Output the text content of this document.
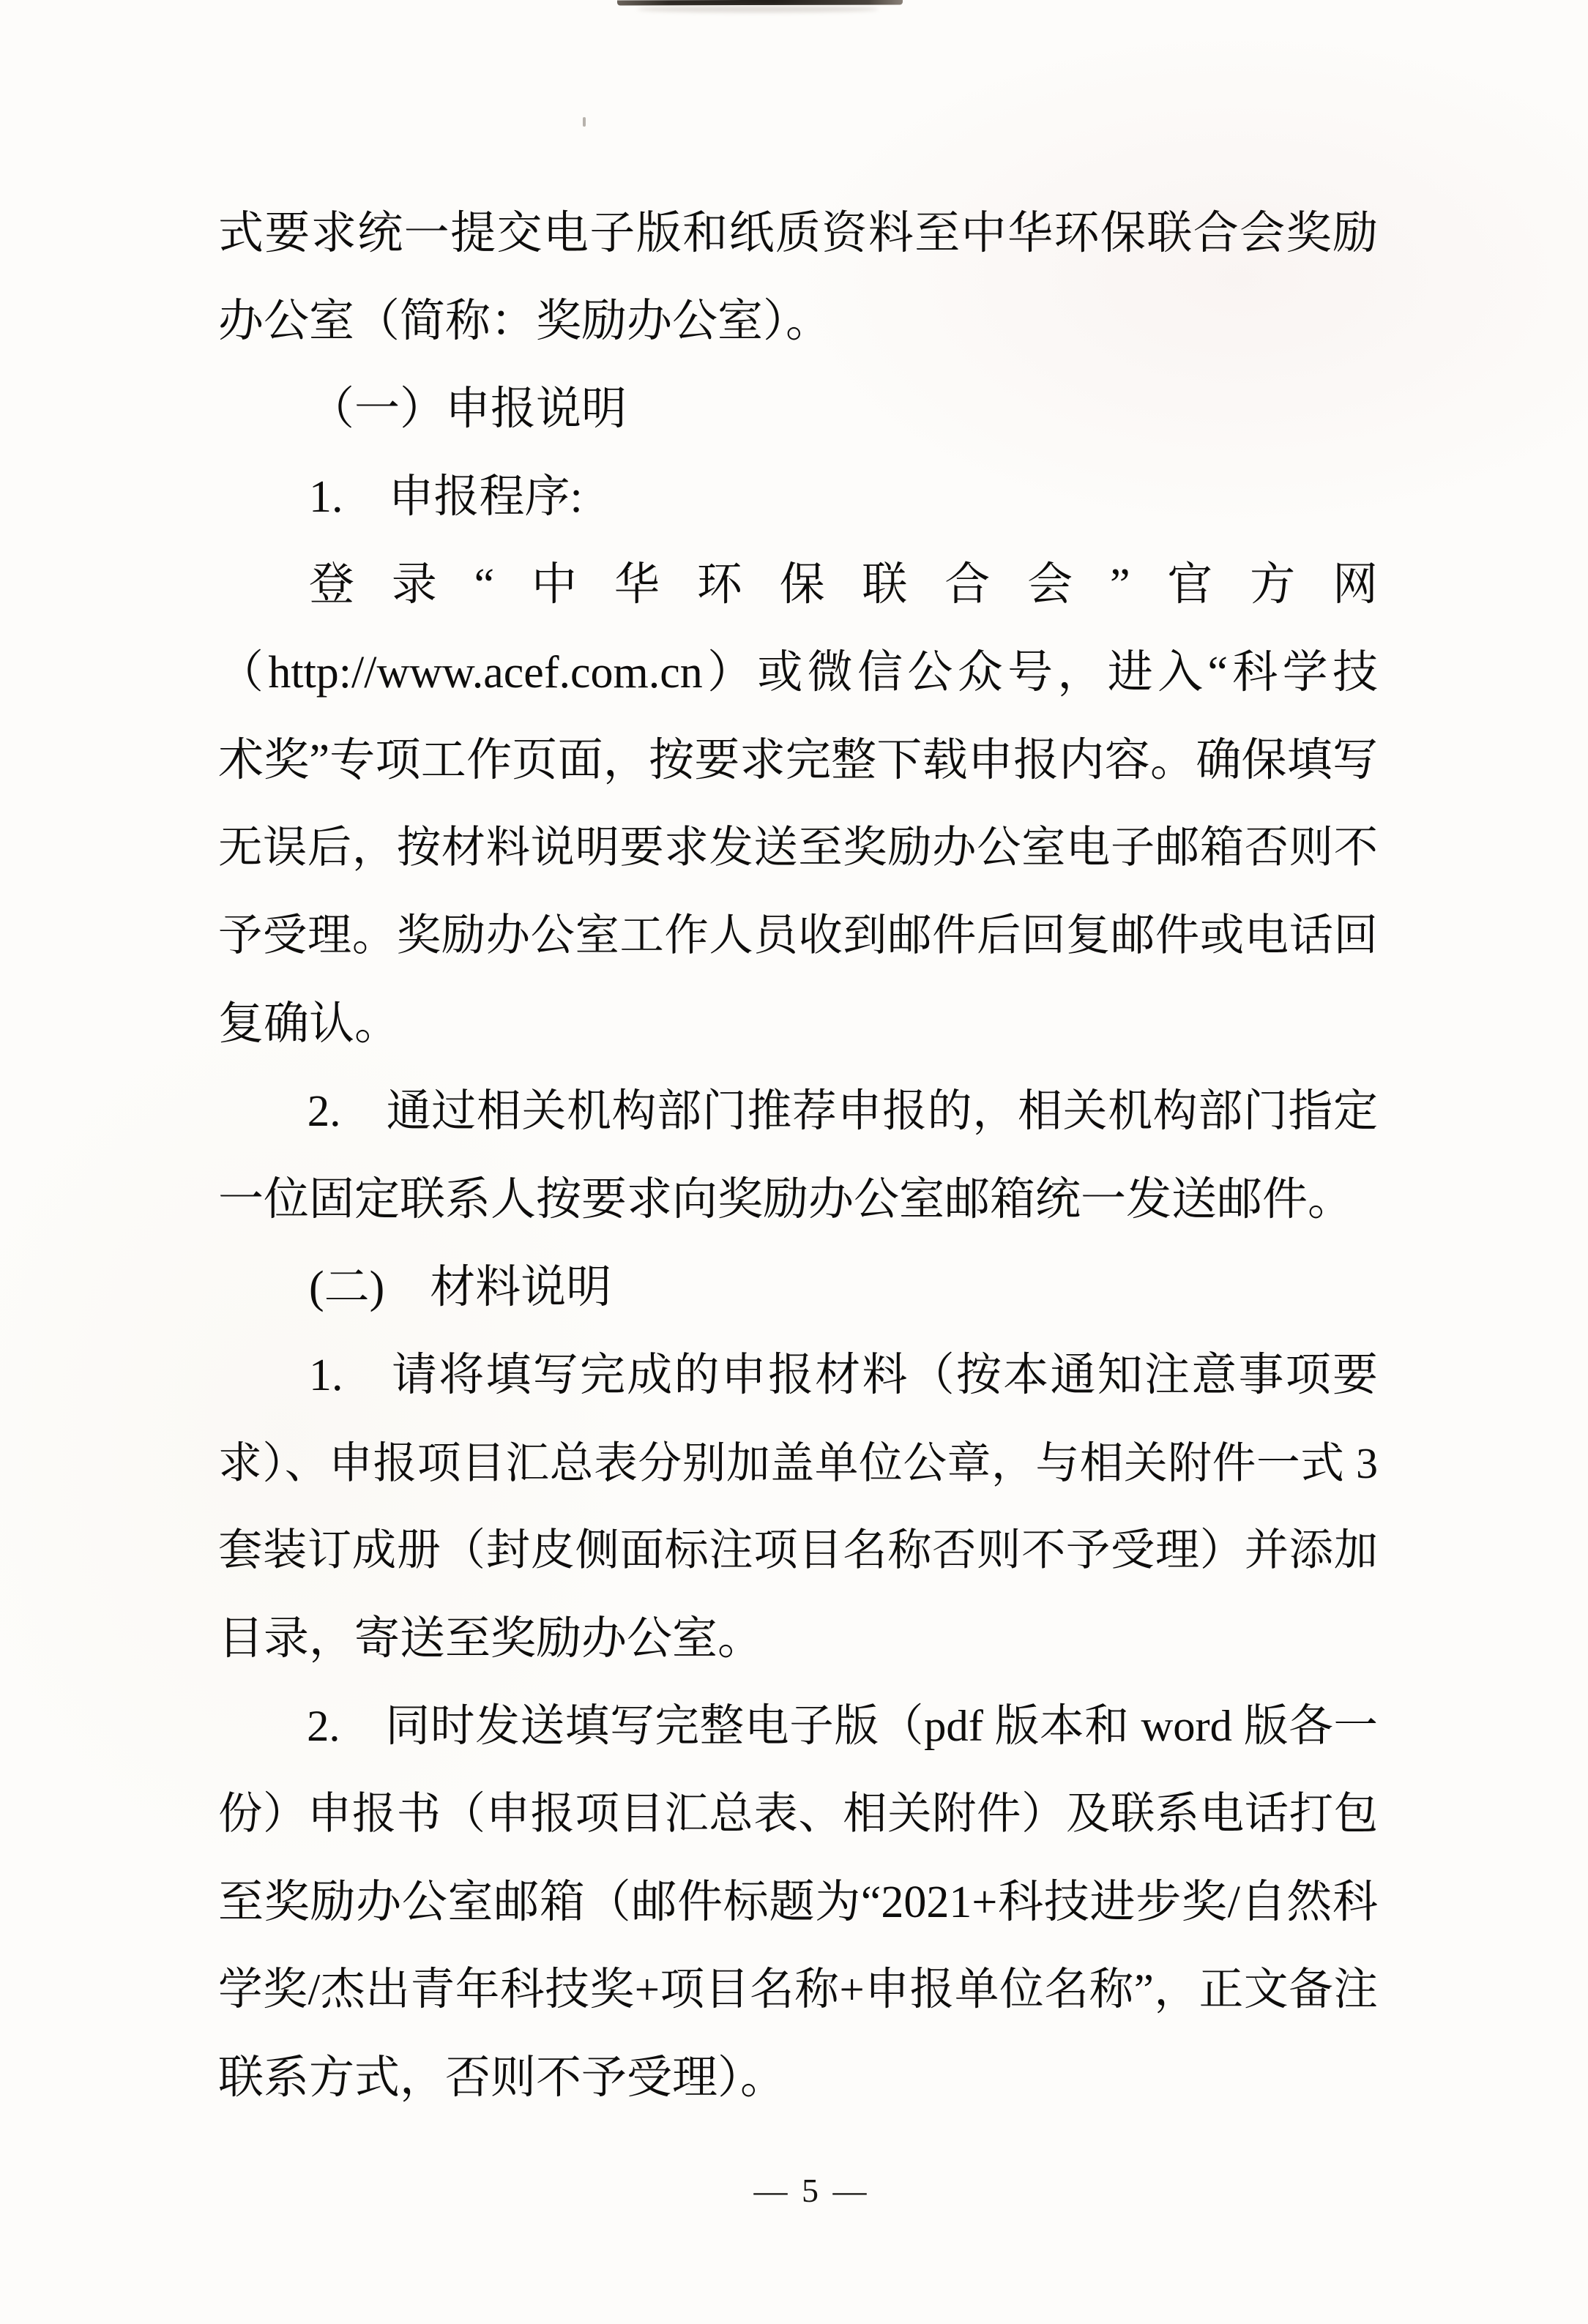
式要求统一提交电子版和纸质资料至中华环保联合会奖励
办公室（简称：奖励办公室）。
（一）申报说明
1.　申报程序:
登录“中华环保联合会”官方网
（http://www.acef.com.cn）或微信公众号，进入“科学技
术奖”专项工作页面，按要求完整下载申报内容。确保填写
无误后，按材料说明要求发送至奖励办公室电子邮箱否则不
予受理。奖励办公室工作人员收到邮件后回复邮件或电话回
复确认。
2.　通过相关机构部门推荐申报的，相关机构部门指定
一位固定联系人按要求向奖励办公室邮箱统一发送邮件。
(二)　材料说明
1.　请将填写完成的申报材料（按本通知注意事项要
求）、申报项目汇总表分别加盖单位公章，与相关附件一式 3
套装订成册（封皮侧面标注项目名称否则不予受理）并添加
目录，寄送至奖励办公室。
2.　同时发送填写完整电子版（pdf 版本和 word 版各一
份）申报书（申报项目汇总表、相关附件）及联系电话打包
至奖励办公室邮箱（邮件标题为“2021+科技进步奖/自然科
学奖/杰出青年科技奖+项目名称+申报单位名称”，正文备注
联系方式，否则不予受理）。
— 5 —
